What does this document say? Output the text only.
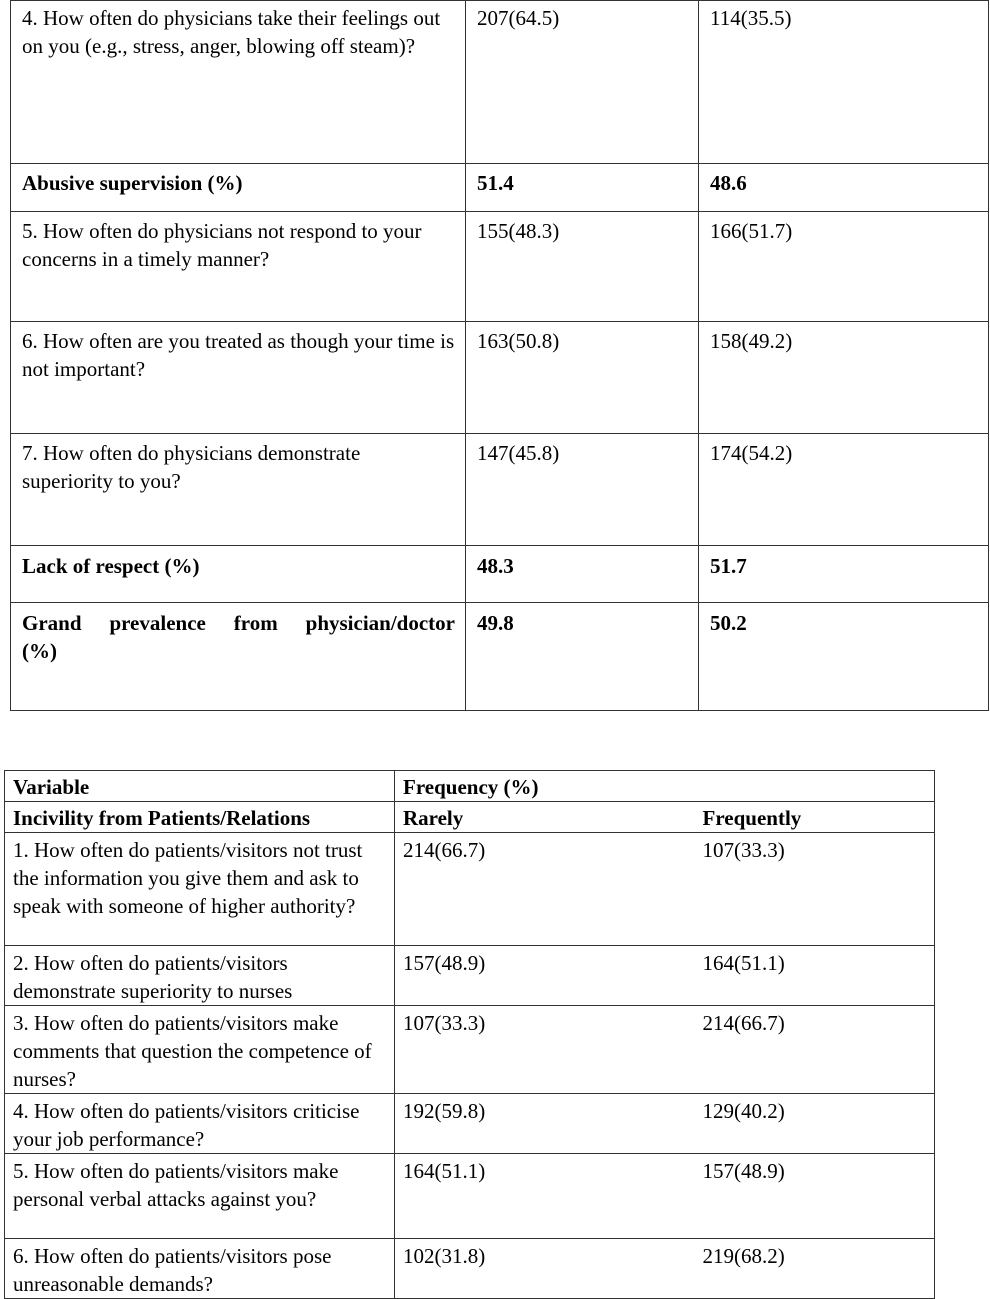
4. How often do physicians take their feelings out on you (e.g., stress, anger, blowing off steam)?	207(64.5)	114(35.5)
Abusive supervision (%)	51.4	48.6
5. How often do physicians not respond to your concerns in a timely manner?	155(48.3)	166(51.7)
6. How often are you treated as though your time is not important?	163(50.8)	158(49.2)
7. How often do physicians demonstrate superiority to you?	147(45.8)	174(54.2)
Lack of respect (%)	48.3	51.7

Grand prevalence from physician/doctor
(%)	49.8	50.2
Variable	Frequency (%)	
Incivility from Patients/Relations	Rarely	Frequently
1. How often do patients/visitors not trust the information you give them and ask to speak with someone of higher authority?	214(66.7)	107(33.3)
2. How often do patients/visitors demonstrate superiority to nurses	157(48.9)	164(51.1)
3. How often do patients/visitors make comments that question the competence of nurses?	107(33.3)	214(66.7)
4. How often do patients/visitors criticise your job performance?	192(59.8)	129(40.2)
5. How often do patients/visitors make personal verbal attacks against you?	164(51.1)	157(48.9)
6. How often do patients/visitors pose unreasonable demands?	102(31.8)	219(68.2)
